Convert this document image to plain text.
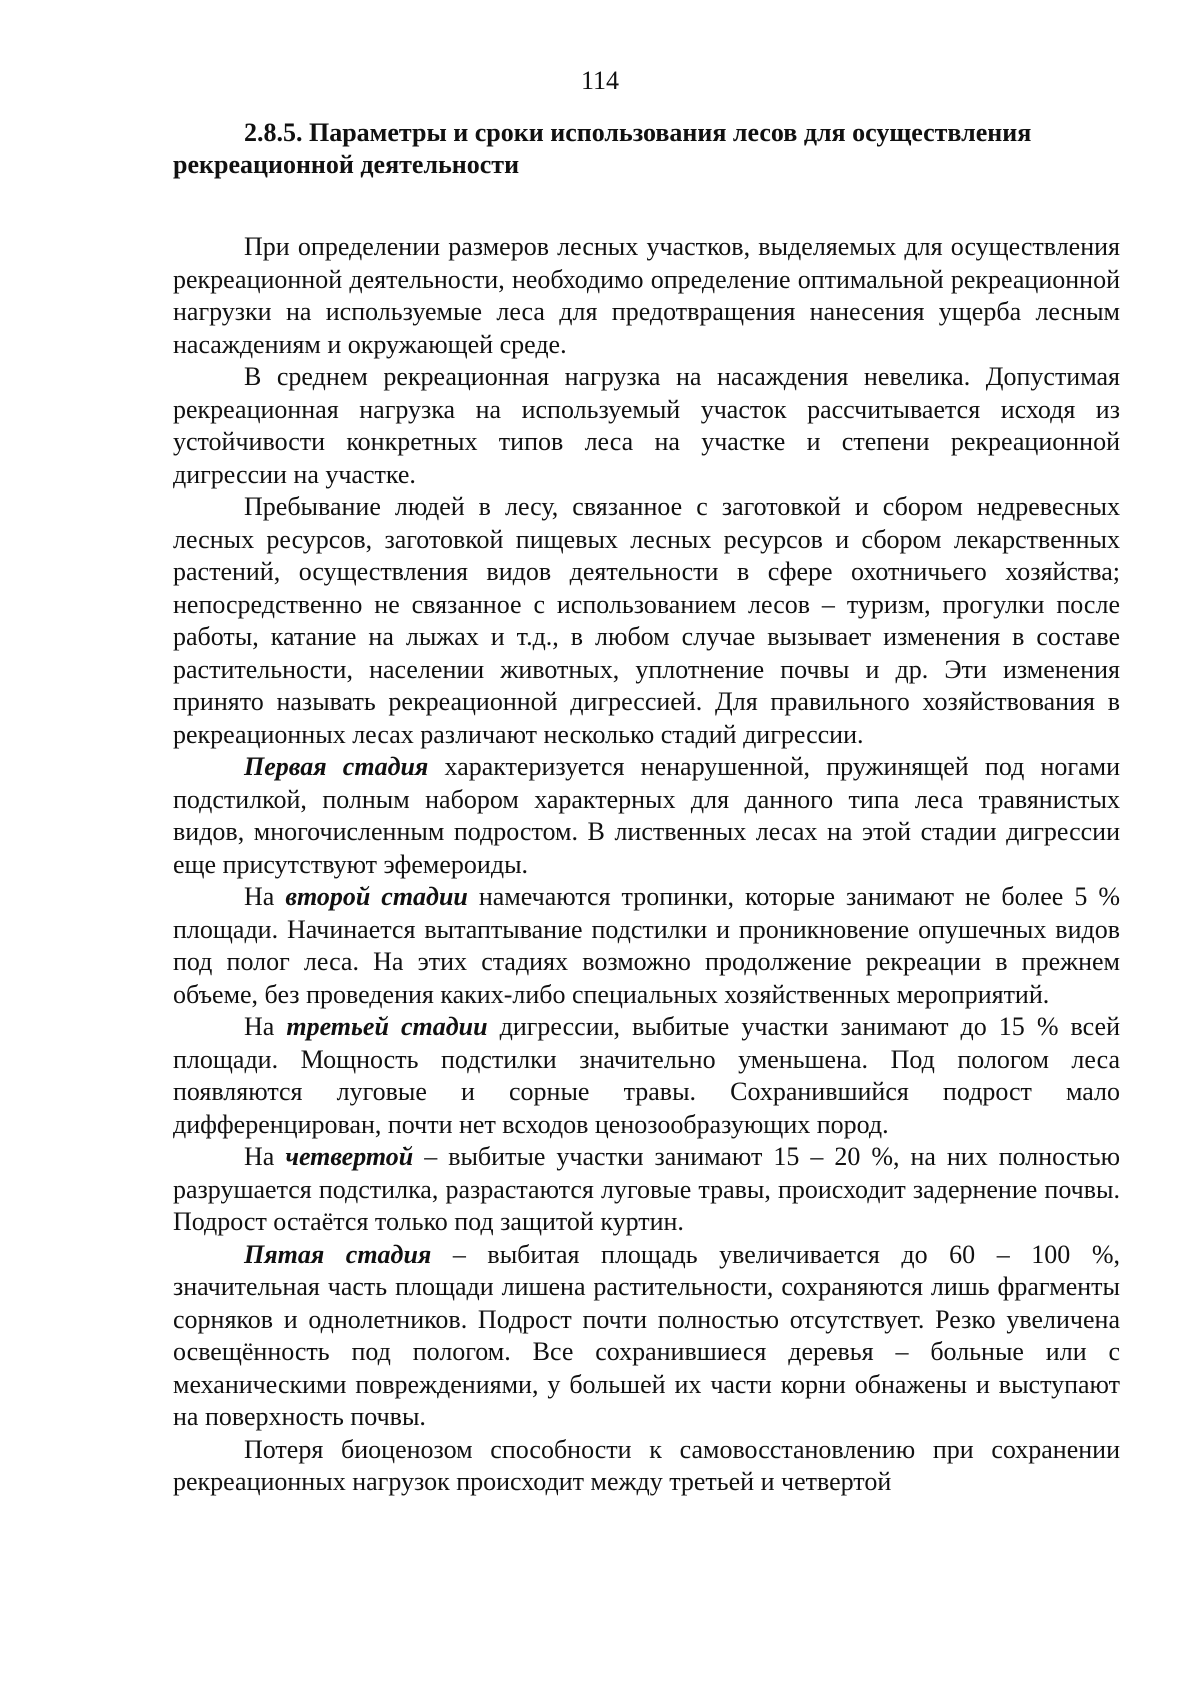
114
2.8.5. Параметры и сроки использования лесов для осуществления рекреационной деятельности

При определении размеров лесных участков, выделяемых для осуществления рекреационной деятельности, необходимо определение оптимальной рекреационной нагрузки на используемые леса для предотвращения нанесения ущерба лесным насаждениям и окружающей среде.

В среднем рекреационная нагрузка на насаждения невелика. Допустимая рекреационная нагрузка на используемый участок рассчитывается исходя из устойчивости конкретных типов леса на участке и степени рекреационной дигрессии на участке.

Пребывание людей в лесу, связанное с заготовкой и сбором недревесных лесных ресурсов, заготовкой пищевых лесных ресурсов и сбором лекарственных растений, осуществления видов деятельности в сфере охотничьего хозяйства; непосредственно не связанное с использованием лесов – туризм, прогулки после работы, катание на лыжах и т.д., в любом случае вызывает изменения в составе растительности, населении животных, уплотнение почвы и др. Эти изменения принято называть рекреационной дигрессией. Для правильного хозяйствования в рекреационных лесах различают несколько стадий дигрессии.

Первая стадия характеризуется ненарушенной, пружинящей под ногами подстилкой, полным набором характерных для данного типа леса травянистых видов, многочисленным подростом. В лиственных лесах на этой стадии дигрессии еще присутствуют эфемероиды.

На второй стадии намечаются тропинки, которые занимают не более 5 % площади. Начинается вытаптывание подстилки и проникновение опушечных видов под полог леса. На этих стадиях возможно продолжение рекреации в прежнем объеме, без проведения каких-либо специальных хозяйственных мероприятий.

На третьей стадии дигрессии, выбитые участки занимают до 15 % всей площади. Мощность подстилки значительно уменьшена. Под пологом леса появляются луговые и сорные травы. Сохранившийся подрост мало дифференцирован, почти нет всходов ценозообразующих пород.

На четвертой – выбитые участки занимают 15 – 20 %, на них полностью разрушается подстилка, разрастаются луговые травы, происходит задернение почвы. Подрост остаётся только под защитой куртин.

Пятая стадия – выбитая площадь увеличивается до 60 – 100 %, значительная часть площади лишена растительности, сохраняются лишь фрагменты сорняков и однолетников. Подрост почти полностью отсутствует. Резко увеличена освещённость под пологом. Все сохранившиеся деревья – больные или с механическими повреждениями, у большей их части корни обнажены и выступают на поверхность почвы.

Потеря биоценозом способности к самовосстановлению при сохранении рекреационных нагрузок происходит между третьей и четвертой
